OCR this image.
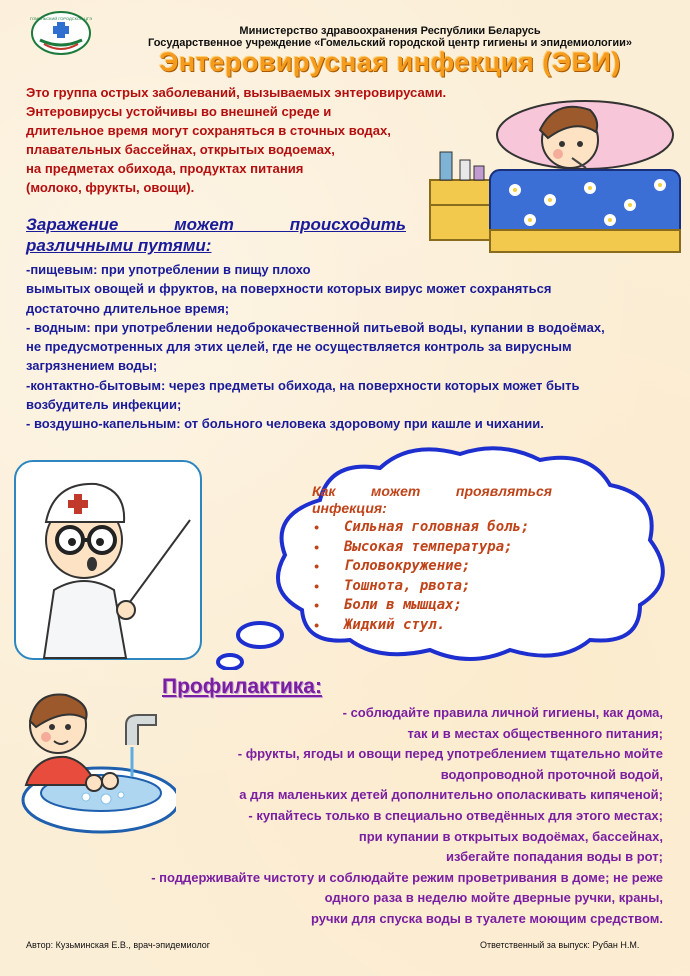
ГОМЕЛЬСКИЙ ГОРОДСКОЙ ЦГЭ
Министерство здравоохранения Республики Беларусь
Государственное учреждение «Гомельский городской центр гигиены и эпидемиологии»
Энтеровирусная инфекция (ЭВИ)
Это группа острых заболеваний, вызываемых энтеровирусами.
Энтеровирусы устойчивы во внешней среде и
длительное время могут сохраняться в сточных водах,
плавательных бассейнах, открытых водоемах,
на предметах обихода, продуктах питания
(молоко, фрукты, овощи).
Заражение может происходить
различными путями:
-пищевым: при употреблении в пищу плохо
вымытых овощей и фруктов, на поверхности которых вирус может сохраняться
достаточно длительное время;
- водным: при употреблении недоброкачественной питьевой воды, купании в водоёмах,
не предусмотренных для этих целей, где не осуществляется контроль за вирусным
загрязнением воды;
-контактно-бытовым: через предметы обихода, на поверхности которых может быть
возбудитель инфекции;
- воздушно-капельным: от больного человека здоровому при кашле и чихании.
Как может проявляться
инфекция:
• Сильная головная боль;
• Высокая температура;
• Головокружение;
• Тошнота, рвота;
• Боли в мышцах;
• Жидкий стул.
Профилактика:
- соблюдайте правила личной гигиены, как дома,
так и в местах общественного питания;
- фрукты, ягоды и овощи перед употреблением тщательно мойте
водопроводной проточной водой,
а для маленьких детей дополнительно ополаскивать кипяченой;
- купайтесь только в специально отведённых для этого местах;
при купании в открытых водоёмах, бассейнах,
избегайте попадания воды в рот;
- поддерживайте чистоту и соблюдайте режим проветривания в доме; не реже
одного раза в неделю мойте дверные ручки, краны,
ручки для спуска воды в туалете моющим средством.
Автор: Кузьминская Е.В., врач-эпидемиолог	Ответственный за выпуск: Рубан Н.М.
